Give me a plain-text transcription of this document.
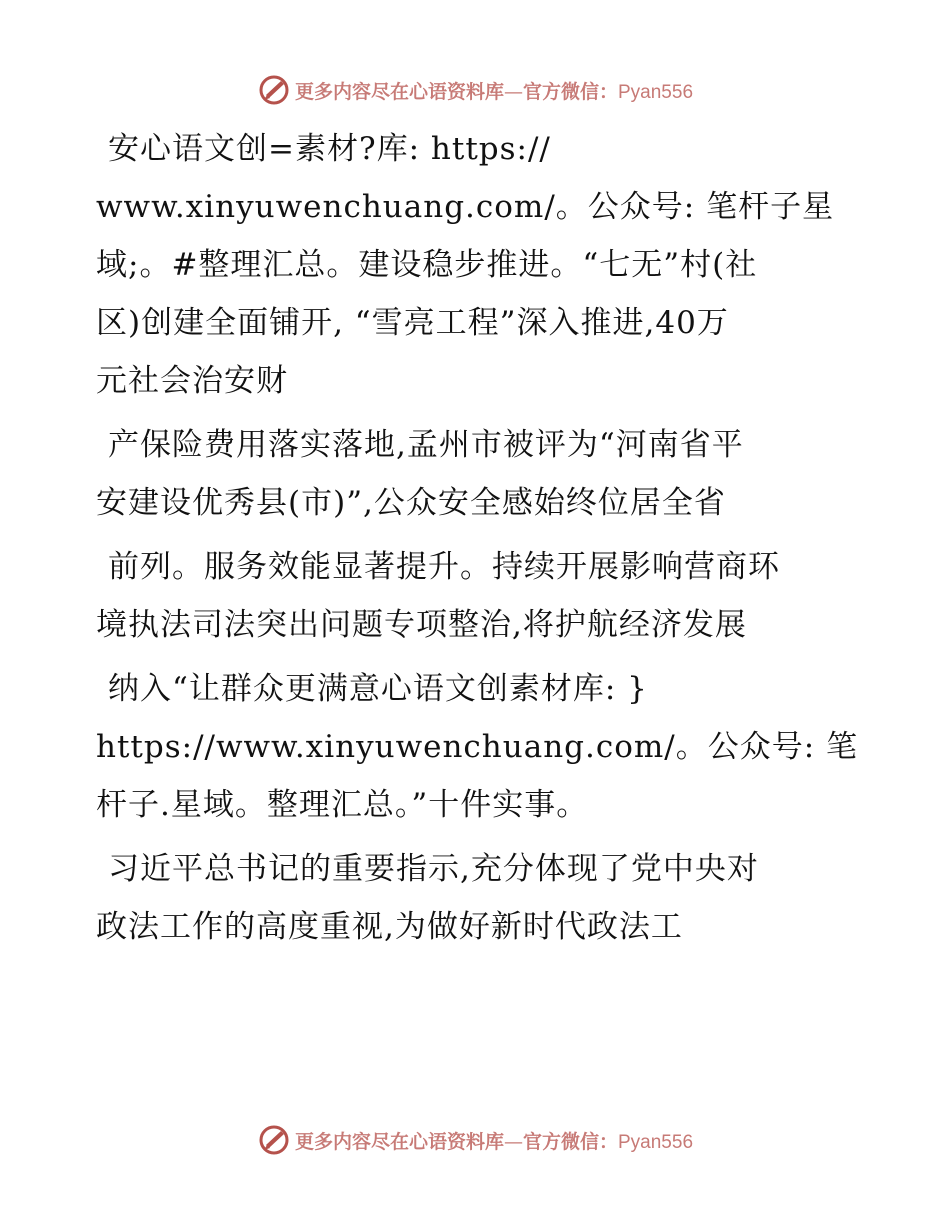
更多内容尽在心语资料库—官方微信：Pyan556
安心语文创=素材?库: https://
www.xinyuwenchuang.com/。公众号: 笔杆子星
域;。#整理汇总。建设稳步推进。“七无”村(社
区)创建全面铺开, “雪亮工程”深入推进,40万
元社会治安财
产保险费用落实落地,孟州市被评为“河南省平
安建设优秀县(市)”,公众安全感始终位居全省
前列。服务效能显著提升。持续开展影响营商环
境执法司法突出问题专项整治,将护航经济发展
纳入“让群众更满意心语文创素材库: }
https://www.xinyuwenchuang.com/。公众号: 笔
杆子.星域。整理汇总。”十件实事。
习近平总书记的重要指示,充分体现了党中央对
政法工作的高度重视,为做好新时代政法工
更多内容尽在心语资料库—官方微信：Pyan556
